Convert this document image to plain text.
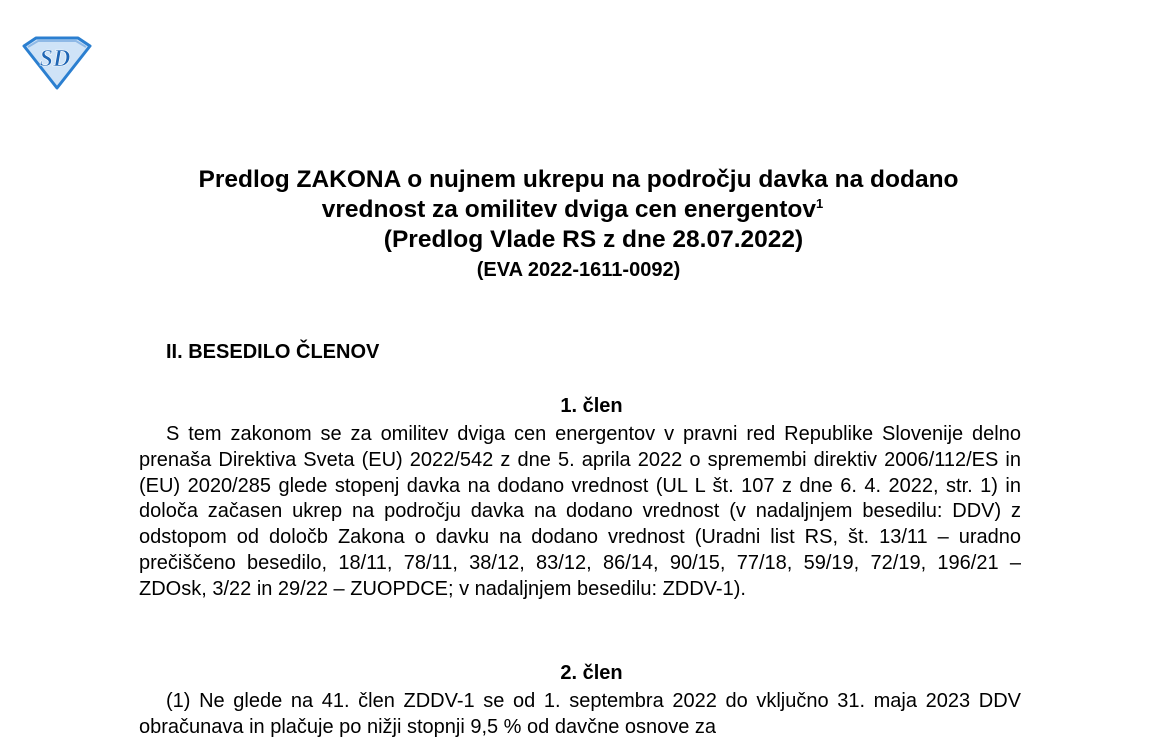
SD
Predlog ZAKONA o nujnem ukrepu na področju davka na dodano
vrednost za omilitev dviga cen energentov$^1$
(Predlog Vlade RS z dne 28.07.2022)
(EVA 2022-1611-0092)
II. BESEDILO ČLENOV
1. člen
S tem zakonom se za omilitev dviga cen energentov v pravni red Republike Slovenije delno prenaša Direktiva Sveta (EU) 2022/542 z dne 5. aprila 2022 o spremembi direktiv 2006/112/ES in (EU) 2020/285 glede stopenj davka na dodano vrednost (UL L št. 107 z dne 6. 4. 2022, str. 1) in določa začasen ukrep na področju davka na dodano vrednost (v nadaljnjem besedilu: DDV) z odstopom od določb Zakona o davku na dodano vrednost (Uradni list RS, št. 13/11 – uradno prečiščeno besedilo, 18/11, 78/11, 38/12, 83/12, 86/14, 90/15, 77/18, 59/19, 72/19, 196/21 – ZDOsk, 3/22 in 29/22 – ZUOPDCE; v nadaljnjem besedilu: ZDDV-1).
2. člen
(1) Ne glede na 41. člen ZDDV-1 se od 1. septembra 2022 do vključno 31. maja 2023 DDV obračunava in plačuje po nižji stopnji 9,5 % od davčne osnove za
